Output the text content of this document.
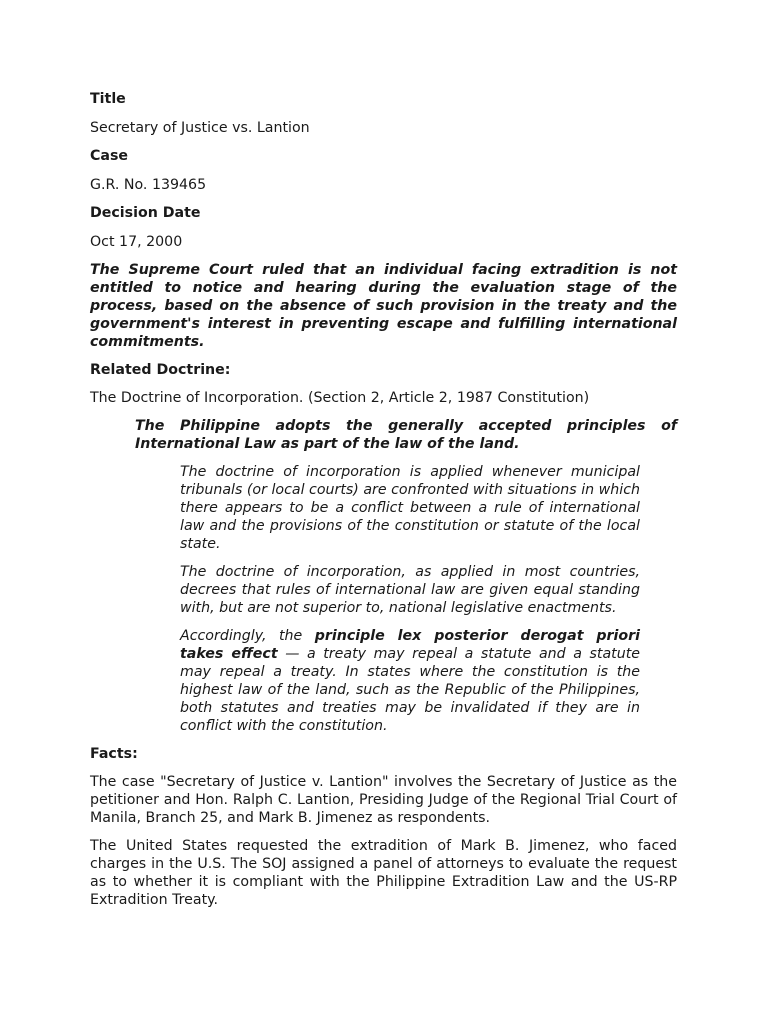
Title

Secretary of Justice vs. Lantion

Case

G.R. No. 139465

Decision Date

Oct 17, 2000

The Supreme Court ruled that an individual facing extradition is not entitled to notice and hearing during the evaluation stage of the process, based on the absence of such provision in the treaty and the government's interest in preventing escape and fulfilling international commitments.

Related Doctrine:

The Doctrine of Incorporation. (Section 2, Article 2, 1987 Constitution)

The Philippine adopts the generally accepted principles of International Law as part of the law of the land.

The doctrine of incorporation is applied whenever municipal tribunals (or local courts) are confronted with situations in which there appears to be a conflict between a rule of international law and the provisions of the constitution or statute of the local state.

The doctrine of incorporation, as applied in most countries, decrees that rules of international law are given equal standing with, but are not superior to, national legislative enactments.

Accordingly, the principle lex posterior derogat priori takes effect — a treaty may repeal a statute and a statute may repeal a treaty. In states where the constitution is the highest law of the land, such as the Republic of the Philippines, both statutes and treaties may be invalidated if they are in conflict with the constitution.

Facts:

The case "Secretary of Justice v. Lantion" involves the Secretary of Justice as the petitioner and Hon. Ralph C. Lantion, Presiding Judge of the Regional Trial Court of Manila, Branch 25, and Mark B. Jimenez as respondents.

The United States requested the extradition of Mark B. Jimenez, who faced charges in the U.S. The SOJ assigned a panel of attorneys to evaluate the request as to whether it is compliant with the Philippine Extradition Law and the US-RP Extradition Treaty.
